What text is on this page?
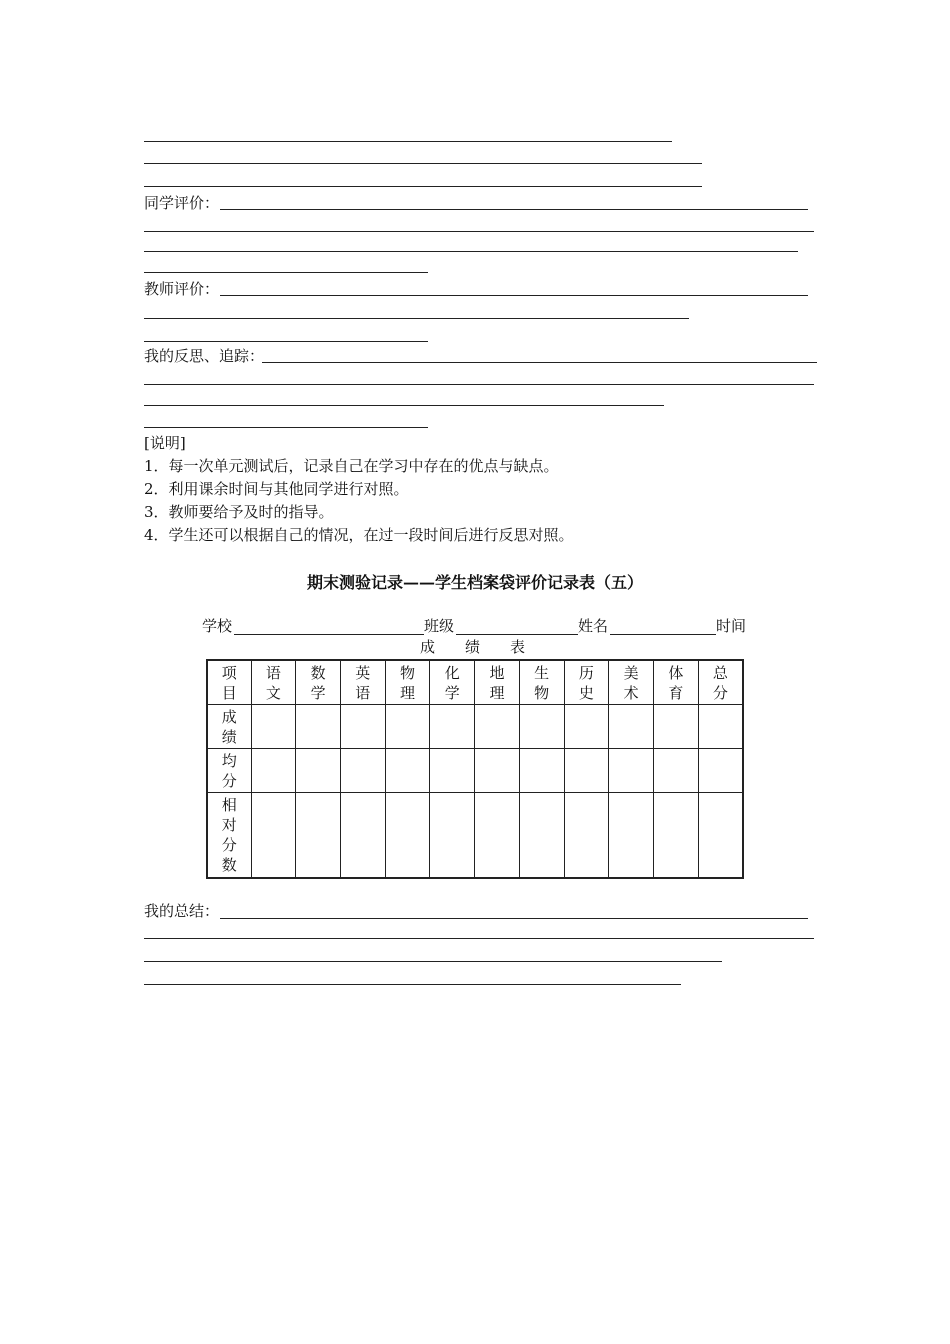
同学评价：
教师评价：
我的反思、追踪：
[说明]
1．每一次单元测试后，记录自己在学习中存在的优点与缺点。
2．利用课余时间与其他同学进行对照。
3．教师要给予及时的指导。
4．学生还可以根据自己的情况，在过一段时间后进行反思对照。
期末测验记录——学生档案袋评价记录表（五）
学校	班级	姓名	时间
成　　绩　　表
项目	语文	数学	英语	物理	化学	地理	生物	历史	美术	体育	总分

成绩											

均分											

相对分数											

我的总结：
